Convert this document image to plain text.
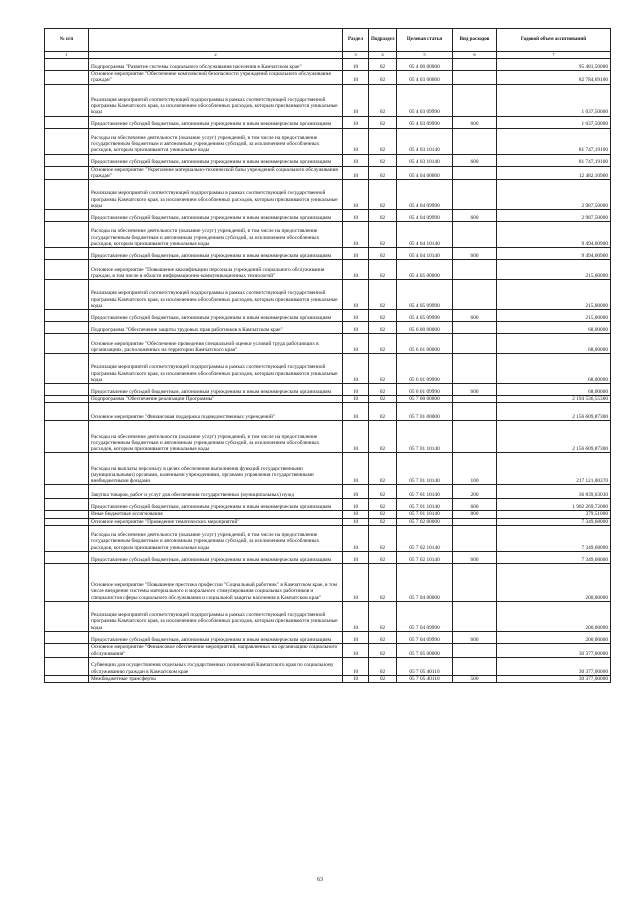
№ п/п		Раздел	Подраздел	Целевая статья	Вид расходов	Годовой объем ассигнований
1	2	3	4	5	6	7
	Подпрограмма "Развитие системы социального обслуживания населения в Камчатском крае"	10	02	05 4 00 00000		95 481,50000
	Основное мероприятие "Обеспечение комплексной безопасности учреждений социального обслуживания граждан"	10	02	05 4 03 00000		82 784,69100
	Реализация мероприятий соответствующей подпрограммы в рамках соответствующей государственной программы Камчатского края, за исключением обособленных расходов, которым присваиваются уникальные коды	10	02	05 4 03 09990		1 037,50000
	Предоставление субсидий бюджетным, автономным учреждениям и иным некоммерческим организациям	10	02	05 4 03 09990	600	1 037,50000
	Расходы на обеспечение деятельности (оказание услуг) учреждений, в том числе на предоставление государственным бюджетным и автономным учреждениям субсидий, за исключением обособленных расходов, которым присваиваются уникальные коды	10	02	05 4 03 10140		81 747,19100
	Предоставление субсидий бюджетным, автономным учреждениям и иным некоммерческим организациям	10	02	05 4 03 10140	600	81 747,19100
	Основное мероприятие "Укрепление материально-технической базы учреждений социального обслуживания граждан"	10	02	05 4 04 00000		12 482,10900
	Реализация мероприятий соответствующей подпрограммы в рамках соответствующей государственной программы Камчатского края, за исключением обособленных расходов, которым присваиваются уникальные коды	10	02	05 4 04 09990		2 987,50000
	Предоставление субсидий бюджетным, автономным учреждениям и иным некоммерческим организациям	10	02	05 4 04 09990	600	2 987,50000
	Расходы на обеспечение деятельности (оказание услуг) учреждений, в том числе на предоставление государственным бюджетным и автономным учреждениям субсидий, за исключением обособленных расходов, которым присваиваются уникальные коды	10	02	05 4 04 10140		9 494,60900
	Предоставление субсидий бюджетным, автономным учреждениям и иным некоммерческим организациям	10	02	05 4 04 10140	600	9 494,60900
	Основное мероприятие "Повышение квалификации персонала учреждений социального обслуживания граждан, в том числе в области информационно-коммуникационных технологий"	10	02	05 4 05 00000		215,00000
	Реализация мероприятий соответствующей подпрограммы в рамках соответствующей государственной программы Камчатского края, за исключением обособленных расходов, которым присваиваются уникальные коды	10	02	05 4 05 09990		215,00000
	Предоставление субсидий бюджетным, автономным учреждениям и иным некоммерческим организациям	10	02	05 4 05 09990	600	215,00000
	Подпрограмма "Обеспечение защиты трудовых прав работников в Камчатском крае"	10	02	05 6 00 00000		68,00000
	Основное мероприятие "Обеспечение проведения специальной оценки условий труда работающих в организациях, расположенных на территории Камчатского края"	10	02	05 6 01 00000		68,00000
	Реализация мероприятий соответствующей подпрограммы в рамках соответствующей государственной программы Камчатского края, за исключением обособленных расходов, которым присваиваются уникальные коды	10	02	05 6 01 09990		68,00000
	Предоставление субсидий бюджетным, автономным учреждениям и иным некоммерческим организациям	10	02	05 6 01 09990	600	68,00000
	Подпрограмма "Обеспечение реализации Программы"	10	02	05 7 00 00000		2 194 536,55300
	Основное мероприятие "Финансовая поддержка подведомственных учреждений"	10	02	05 7 01 00000		2 156 609,87300
	Расходы на обеспечение деятельности (оказание услуг) учреждений, в том числе на предоставление государственным бюджетным и автономным учреждениям субсидий, за исключением обособленных расходов, которым присваиваются уникальные коды	10	02	05 7 01 10140		2 156 609,87300
	Расходы на выплаты персоналу в целях обеспечения выполнения функций государственными (муниципальными) органами, казенными учреждениями, органами управления государственными внебюджетными фондами	10	02	05 7 01 10140	100	217 121,00370
	Закупка товаров, работ и услуг для обеспечения государственных (муниципальных) нужд	10	02	05 7 01 10140	200	36 839,03030
	Предоставление субсидий бюджетным, автономным учреждениям и иным некоммерческим организациям	10	02	05 7 01 10140	600	1 902 269,72000
	Иные бюджетные ассигнования	10	02	05 7 01 10140	800	379,51000
	Основное мероприятие "Проведение тематических мероприятий"	10	02	05 7 02 00000		7 349,68000
	Расходы на обеспечение деятельности (оказание услуг) учреждений, в том числе на предоставление государственным бюджетным и автономным учреждениям субсидий, за исключением обособленных расходов, которым присваиваются уникальные коды	10	02	05 7 02 10140		7 349,68000
	Предоставление субсидий бюджетным, автономным учреждениям и иным некоммерческим организациям	10	02	05 7 02 10140	600	7 349,68000
	Основное мероприятие "Повышение престижа профессии "Социальный работник" в Камчатском крае, в том числе внедрение системы материального и морального стимулирования социальных работников и специалистов сферы социального обслуживания и социальной защиты населения в Камчатском крае"	10	02	05 7 04 00000		200,00000
	Реализация мероприятий соответствующей подпрограммы в рамках соответствующей государственной программы Камчатского края, за исключением обособленных расходов, которым присваиваются уникальные коды	10	02	05 7 04 09990		200,00000
	Предоставление субсидий бюджетным, автономным учреждениям и иным некоммерческим организациям	10	02	05 7 04 09990	600	200,00000
	Основное мероприятие "Финансовое обеспечение мероприятий, направленных на организацию социального обслуживания"	10	02	05 7 05 00000		30 377,00000
	Субвенции для осуществления отдельных государственных полномочий Камчатского края по социальному обслуживанию граждан в Камчатском крае	10	02	05 7 05 40110		30 377,00000
	Межбюджетные трансферты	10	02	05 7 05 40110	500	30 377,00000
63
